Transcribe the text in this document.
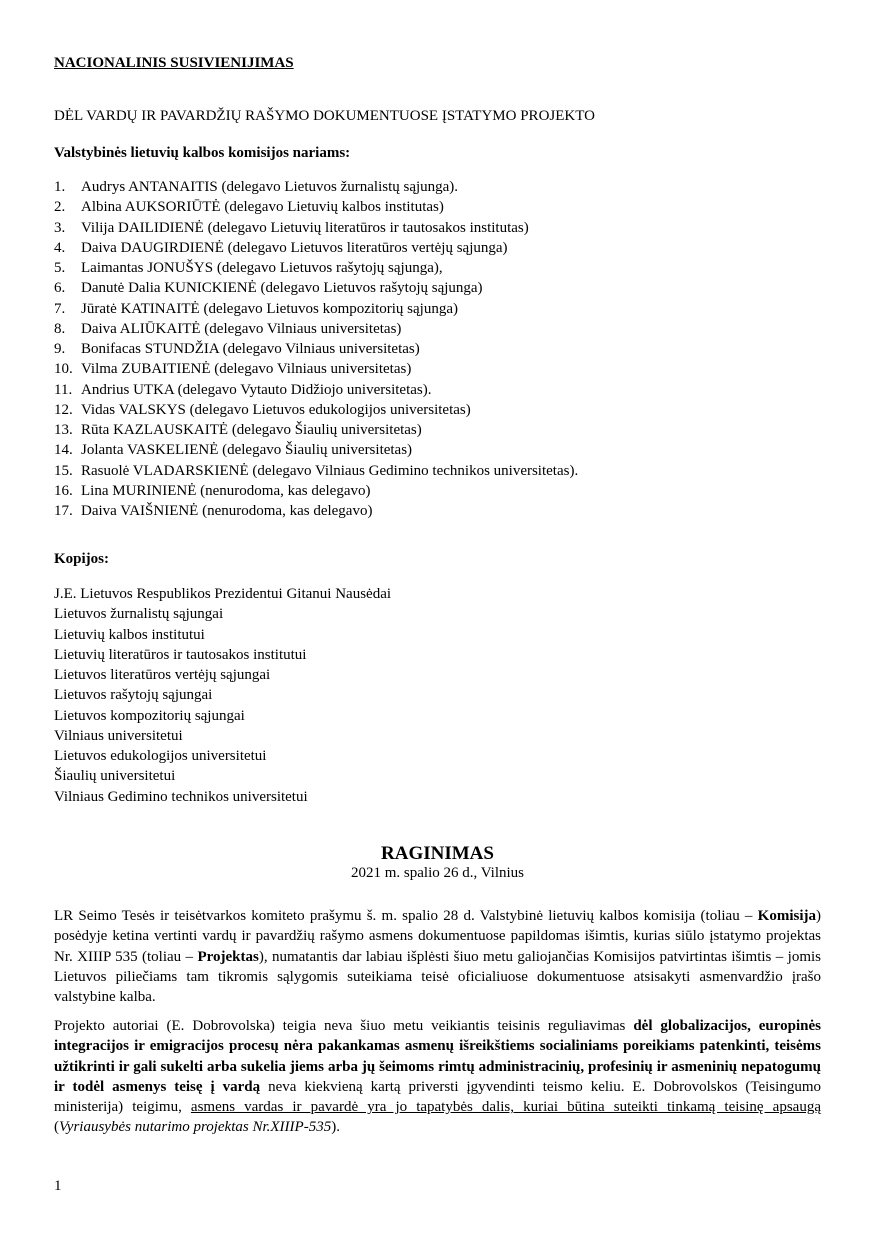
NACIONALINIS SUSIVIENIJIMAS
DĖL VARDŲ IR PAVARDŽIŲ RAŠYMO DOKUMENTUOSE ĮSTATYMO PROJEKTO
Valstybinės lietuvių kalbos komisijos nariams:
1. Audrys ANTANAITIS (delegavo Lietuvos žurnalistų sąjunga).
2. Albina AUKSORIŪTĖ (delegavo Lietuvių kalbos institutas)
3. Vilija DAILIDIENĖ (delegavo Lietuvių literatūros ir tautosakos institutas)
4. Daiva DAUGIRDIENĖ (delegavo Lietuvos literatūros vertėjų sąjunga)
5. Laimantas JONUŠYS (delegavo Lietuvos rašytojų sąjunga),
6. Danutė Dalia KUNICKIENĖ (delegavo Lietuvos rašytojų sąjunga)
7. Jūratė KATINAITĖ (delegavo Lietuvos kompozitorių sąjunga)
8. Daiva ALIŪKAITĖ (delegavo Vilniaus universitetas)
9. Bonifacas STUNDŽIA (delegavo Vilniaus universitetas)
10. Vilma ZUBAITIENĖ (delegavo Vilniaus universitetas)
11. Andrius UTKA (delegavo Vytauto Didžiojo universitetas).
12. Vidas VALSKYS (delegavo Lietuvos edukologijos universitetas)
13. Rūta KAZLAUSKAITĖ (delegavo Šiaulių universitetas)
14. Jolanta VASKELIENĖ (delegavo Šiaulių universitetas)
15. Rasuolė VLADARSKIENĖ (delegavo Vilniaus Gedimino technikos universitetas).
16. Lina MURINIENĖ (nenurodoma, kas delegavo)
17. Daiva VAIŠNIENĖ (nenurodoma, kas delegavo)
Kopijos:
J.E. Lietuvos Respublikos Prezidentui Gitanui Nausėdai
Lietuvos žurnalistų sąjungai
Lietuvių kalbos institutui
Lietuvių literatūros ir tautosakos institutui
Lietuvos literatūros vertėjų sąjungai
Lietuvos rašytojų sąjungai
Lietuvos kompozitorių sąjungai
Vilniaus universitetui
Lietuvos edukologijos universitetui
Šiaulių universitetui
Vilniaus Gedimino technikos universitetui
RAGINIMAS
2021 m. spalio 26 d., Vilnius

LR Seimo Tesės ir teisėtvarkos komiteto prašymu š. m. spalio 28 d. Valstybinė lietuvių kalbos komisija (toliau – Komisija) posėdyje ketina vertinti vardų ir pavardžių rašymo asmens dokumentuose papildomas išimtis, kurias siūlo įstatymo projektas Nr. XIIIP 535 (toliau – Projektas), numatantis dar labiau išplėsti šiuo metu galiojančias Komisijos patvirtintas išimtis – jomis Lietuvos piliečiams tam tikromis sąlygomis suteikiama teisė oficialiuose dokumentuose atsisakyti asmenvardžio įrašo valstybine kalba.

Projekto autoriai (E. Dobrovolska) teigia neva šiuo metu veikiantis teisinis reguliavimas dėl globalizacijos, europinės integracijos ir emigracijos procesų nėra pakankamas asmenų išreikštiems socialiniams poreikiams patenkinti, teisėms užtikrinti ir gali sukelti arba sukelia jiems arba jų šeimoms rimtų administracinių, profesinių ir asmeninių nepatogumų ir todėl asmenys teisę į vardą neva kiekvieną kartą priversti įgyvendinti teismo keliu. E. Dobrovolskos (Teisingumo ministerija) teigimu, asmens vardas ir pavardė yra jo tapatybės dalis, kuriai būtina suteikti tinkamą teisinę apsaugą (Vyriausybės nutarimo projektas Nr.XIIIP-535).

1
